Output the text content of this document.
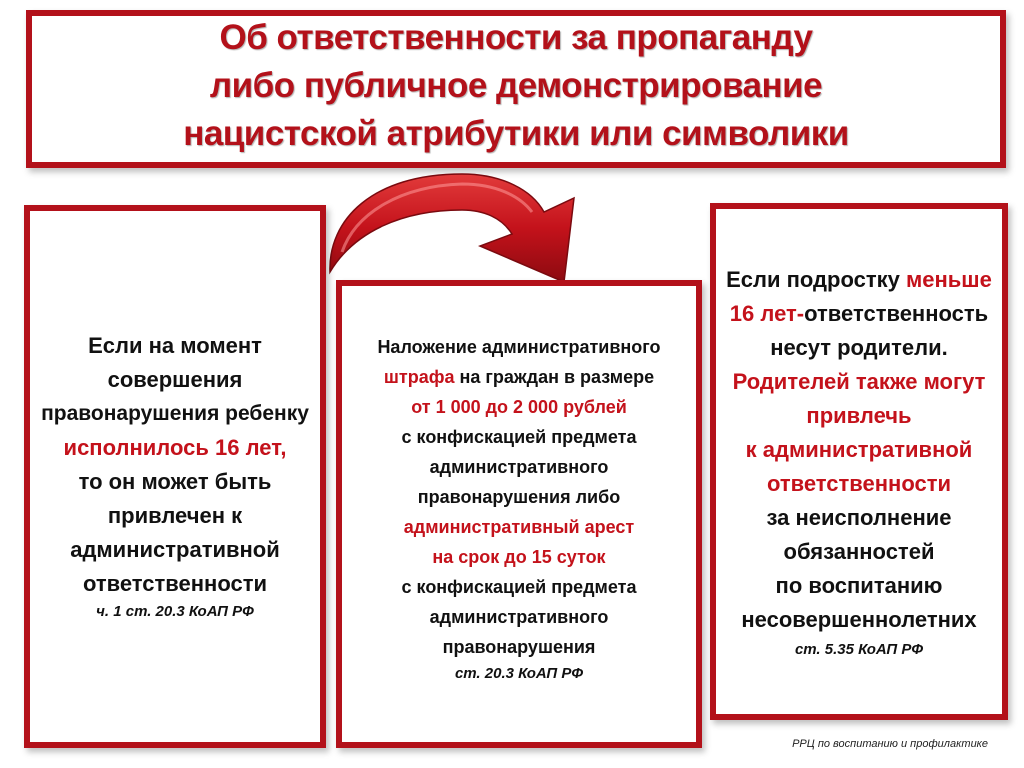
Об ответственности за пропаганду
либо публичное демонстрирование
нацистской атрибутики или символики
Если на момент
совершения
правонарушения ребенку
исполнилось 16 лет,
то он может быть
привлечен к
административной
ответственности
ч. 1 ст. 20.3 КоАП РФ
Наложение административного
штрафа на граждан в размере
от 1 000 до 2 000 рублей
с конфискацией предмета
административного
правонарушения либо
административный арест
на срок до 15 суток
с конфискацией предмета
административного
правонарушения
ст. 20.3 КоАП РФ
Если подростку меньше
16 лет-ответственность
несут родители.
Родителей также могут
привлечь
к административной
ответственности
за неисполнение
обязанностей
по воспитанию
несовершеннолетних
ст. 5.35 КоАП РФ
РРЦ по воспитанию и профилактике
